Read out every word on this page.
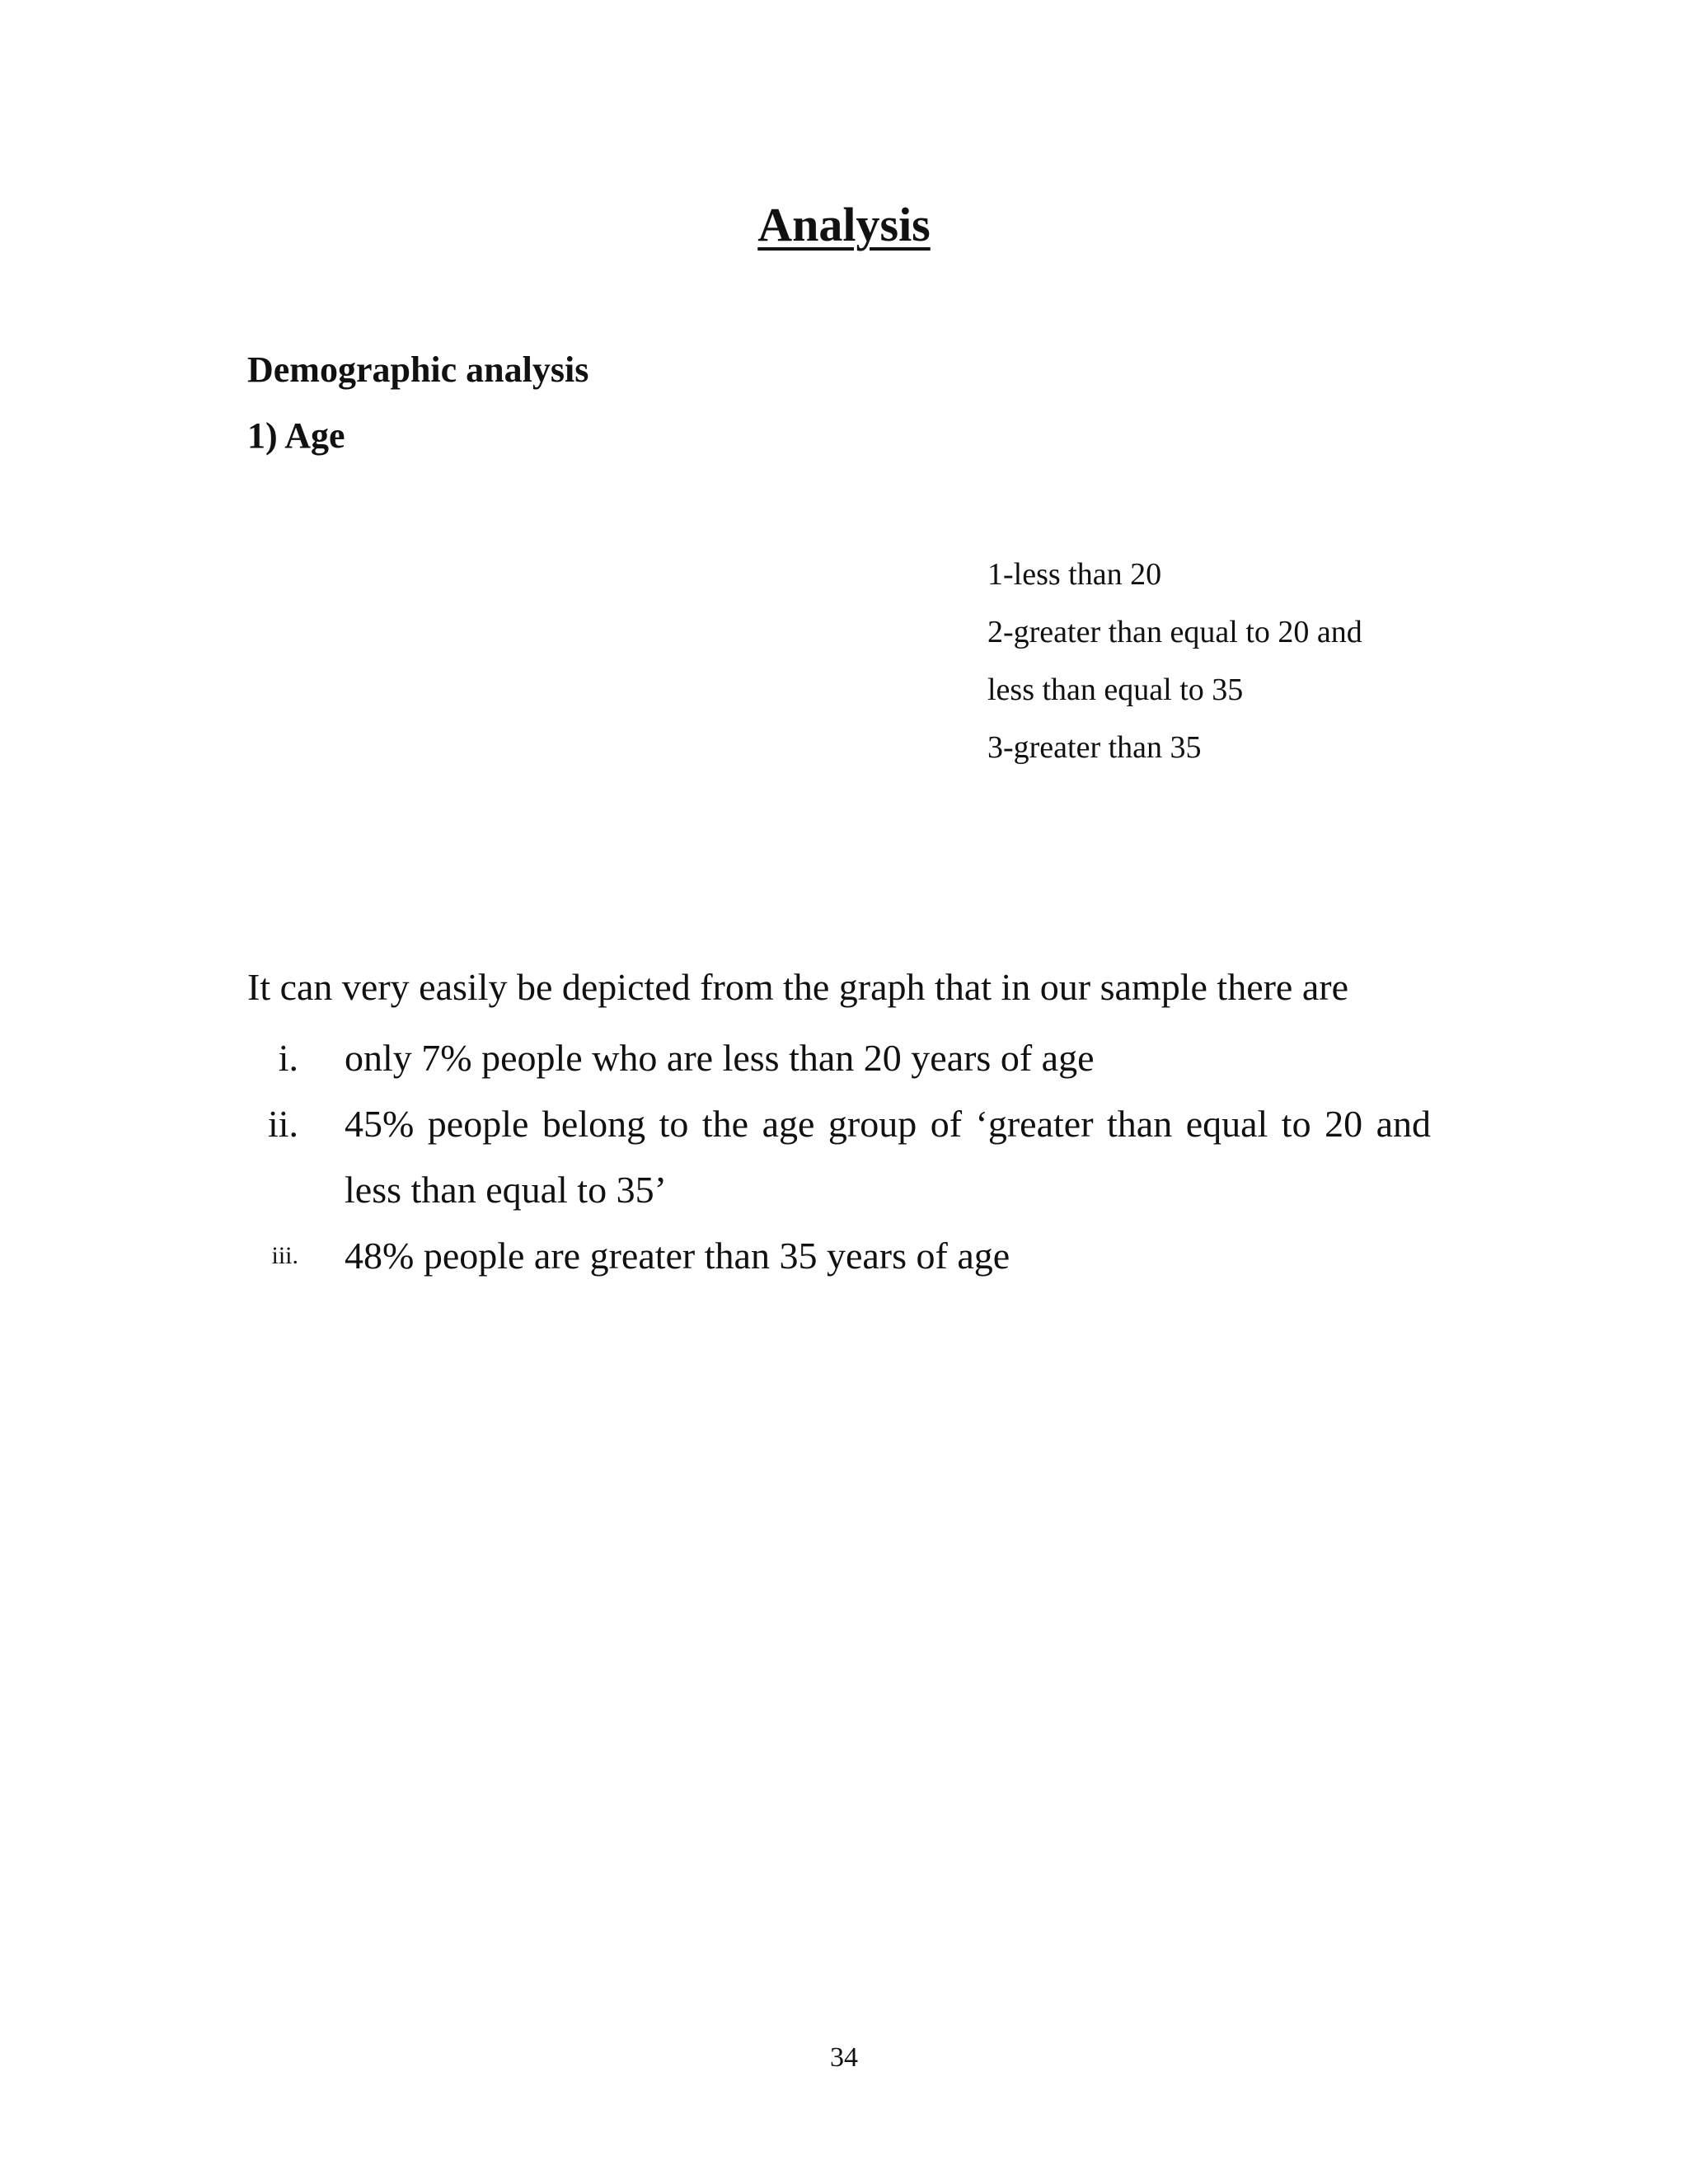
Analysis
Demographic analysis
1) Age
1-less than 20
2-greater than equal to 20 and
less than equal to 35
3-greater than 35

It can very easily be depicted from the graph that in our sample there are

i. only 7% people who are less than 20 years of age
ii. 45% people belong to the age group of ‘greater than equal to 20 and less than equal to 35’
iii. 48% people are greater than 35 years of age

34
